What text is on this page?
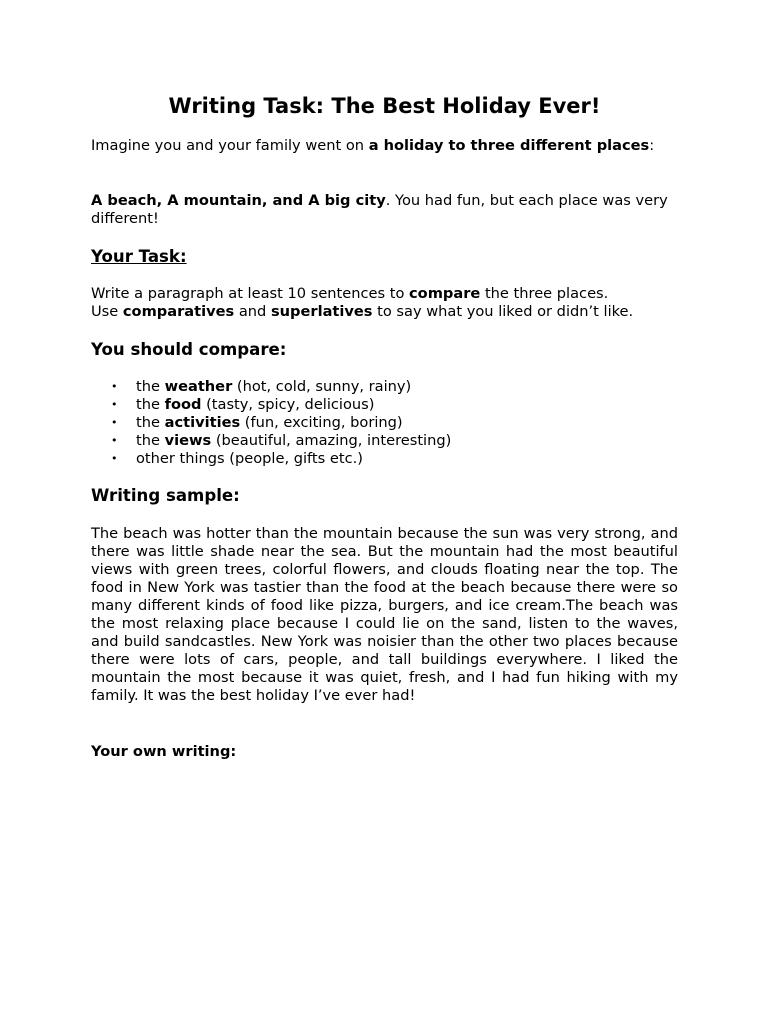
Writing Task: The Best Holiday Ever!

Imagine you and your family went on a holiday to three different places:

A beach, A mountain, and A big city. You had fun, but each place was very different!

Your Task:

Write a paragraph at least 10 sentences to compare the three places.
Use comparatives and superlatives to say what you liked or didn’t like.

You should compare:
• the weather (hot, cold, sunny, rainy)
• the food (tasty, spicy, delicious)
• the activities (fun, exciting, boring)
• the views (beautiful, amazing, interesting)
• other things (people, gifts etc.)
Writing sample:

The beach was hotter than the mountain because the sun was very strong, and there was little shade near the sea. But the mountain had the most beautiful views with green trees, colorful flowers, and clouds floating near the top. The food in New York was tastier than the food at the beach because there were so many different kinds of food like pizza, burgers, and ice cream.The beach was the most relaxing place because I could lie on the sand, listen to the waves, and build sandcastles. New York was noisier than the other two places because there were lots of cars, people, and tall buildings everywhere. I liked the mountain the most because it was quiet, fresh, and I had fun hiking with my family. It was the best holiday I’ve ever had!

Your own writing:
